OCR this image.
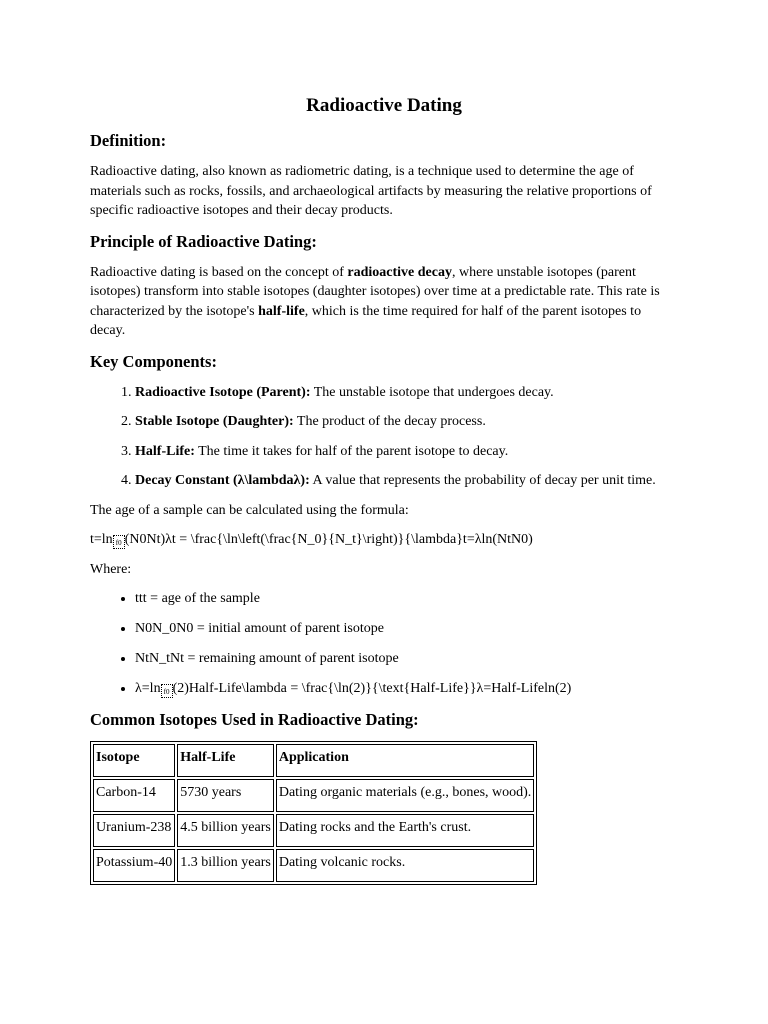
Radioactive Dating
Definition:

Radioactive dating, also known as radiometric dating, is a technique used to determine the age of materials such as rocks, fossils, and archaeological artifacts by measuring the relative proportions of specific radioactive isotopes and their decay products.

Principle of Radioactive Dating:

Radioactive dating is based on the concept of radioactive decay, where unstable isotopes (parent isotopes) transform into stable isotopes (daughter isotopes) over time at a predictable rate. This rate is characterized by the isotope's half-life, which is the time required for half of the parent isotopes to decay.

Key Components:
1. Radioactive Isotope (Parent): The unstable isotope that undergoes decay.
2. Stable Isotope (Daughter): The product of the decay process.
3. Half-Life: The time it takes for half of the parent isotope to decay.
4. Decay Constant (λ\lambdaλ): A value that represents the probability of decay per unit time.

The age of a sample can be calculated using the formula:

t=ln f0 (N0Nt)λt = \frac{\ln\left(\frac{N_0}{N_t}\right)}{\lambda}t=λln(NtN0)

Where:

• ttt = age of the sample
• N0N_0N0 = initial amount of parent isotope
• NtN_tNt = remaining amount of parent isotope
• λ=ln f0 (2)Half-Life\lambda = \frac{\ln(2)}{\text{Half-Life}}λ=Half-Lifeln(2)
Common Isotopes Used in Radioactive Dating:
Isotope	Half-Life	Application
Carbon-14	5730 years	Dating organic materials (e.g., bones, wood).
Uranium-238	4.5 billion years	Dating rocks and the Earth's crust.
Potassium-40	1.3 billion years	Dating volcanic rocks.
